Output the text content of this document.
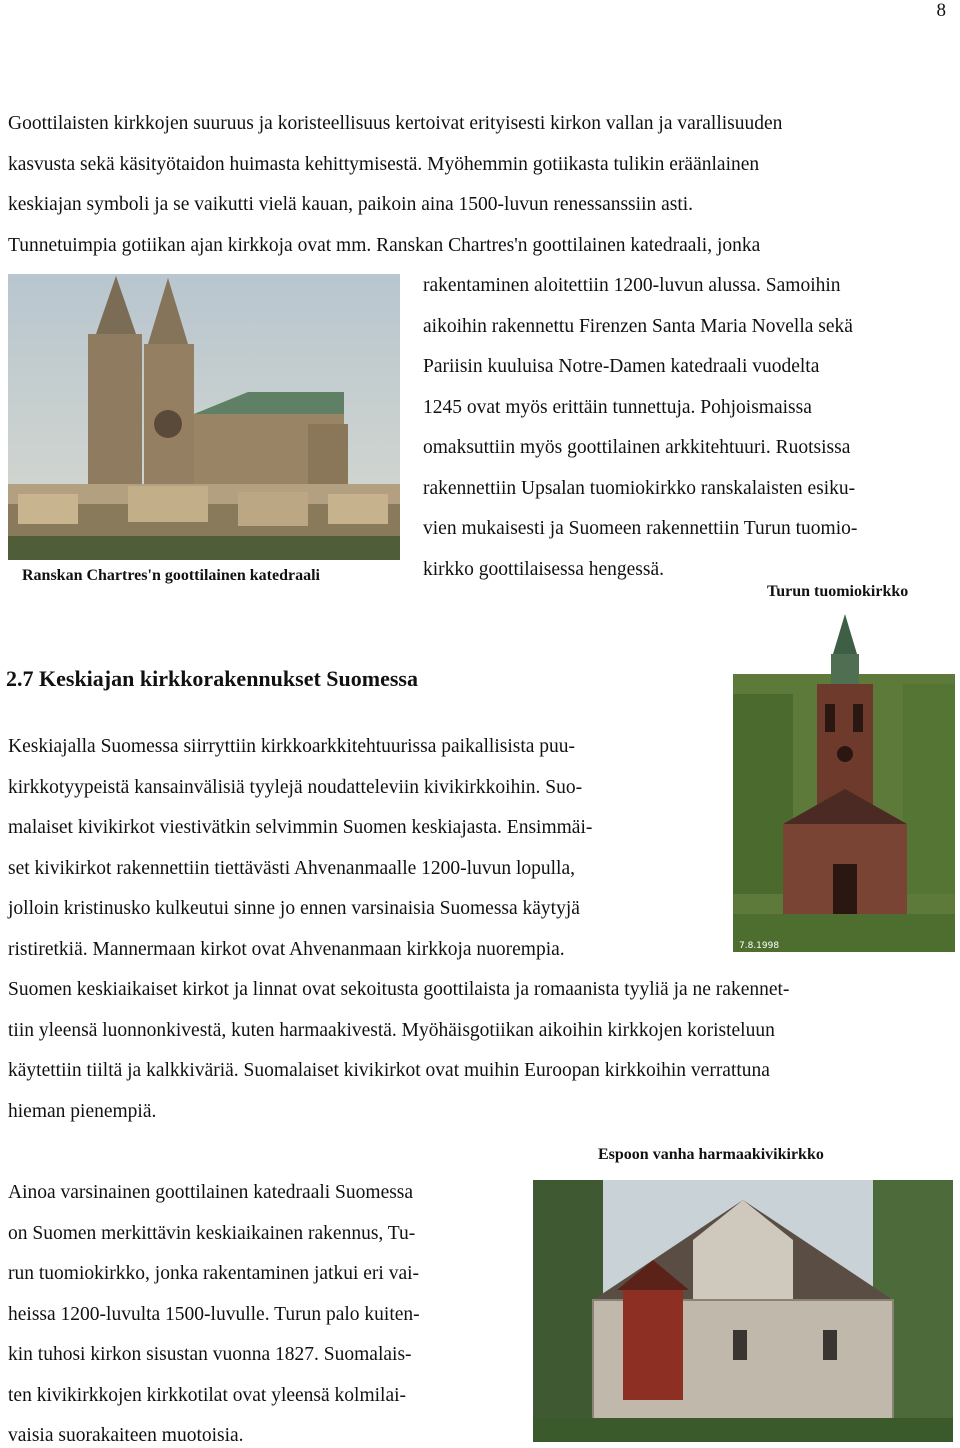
8
Goottilaisten kirkkojen suuruus ja koristeellisuus kertoivat erityisesti kirkon vallan ja varallisuuden
kasvusta sekä käsityötaidon huimasta kehittymisestä. Myöhemmin gotiikasta tulikin eräänlainen
keskiajan symboli ja se vaikutti vielä kauan, paikoin aina 1500-luvun renessanssiin asti.
Tunnetuimpia gotiikan ajan kirkkoja ovat mm. Ranskan Chartres'n goottilainen katedraali, jonka
rakentaminen aloitettiin 1200-luvun alussa. Samoihin
aikoihin rakennettu Firenzen Santa Maria Novella sekä
Pariisin kuuluisa Notre-Damen katedraali vuodelta
1245 ovat myös erittäin tunnettuja. Pohjoismaissa
omaksuttiin myös goottilainen arkkitehtuuri. Ruotsissa
rakennettiin Upsalan tuomiokirkko ranskalaisten esiku-
vien mukaisesti ja Suomeen rakennettiin Turun tuomio-
kirkko goottilaisessa hengessä.
Ranskan Chartres'n goottilainen katedraali
Turun tuomiokirkko
7.8.1998
2.7 Keskiajan kirkkorakennukset Suomessa
Keskiajalla Suomessa siirryttiin kirkkoarkkitehtuurissa paikallisista puu-
kirkkotyypeistä kansainvälisiä tyylejä noudatteleviin kivikirkkoihin. Suo-
malaiset kivikirkot viestivätkin selvimmin Suomen keskiajasta. Ensimmäi-
set kivikirkot rakennettiin tiettävästi Ahvenanmaalle 1200-luvun lopulla,
jolloin kristinusko kulkeutui sinne jo ennen varsinaisia Suomessa käytyjä
ristiretkiä. Mannermaan kirkot ovat Ahvenanmaan kirkkoja nuorempia.
Suomen keskiaikaiset kirkot ja linnat ovat sekoitusta goottilaista ja romaanista tyyliä ja ne rakennet-
tiin yleensä luonnonkivestä, kuten harmaakivestä. Myöhäisgotiikan aikoihin kirkkojen koristeluun
käytettiin tiiltä ja kalkkiväriä. Suomalaiset kivikirkot ovat muihin Euroopan kirkkoihin verrattuna
hieman pienempiä.
Espoon vanha harmaakivikirkko
Ainoa varsinainen goottilainen katedraali Suomessa
on Suomen merkittävin keskiaikainen rakennus, Tu-
run tuomiokirkko, jonka rakentaminen jatkui eri vai-
heissa 1200-luvulta 1500-luvulle. Turun palo kuiten-
kin tuhosi kirkon sisustan vuonna 1827. Suomalais-
ten kivikirkkojen kirkkotilat ovat yleensä kolmilai-
vaisia suorakaiteen muotoisia.
